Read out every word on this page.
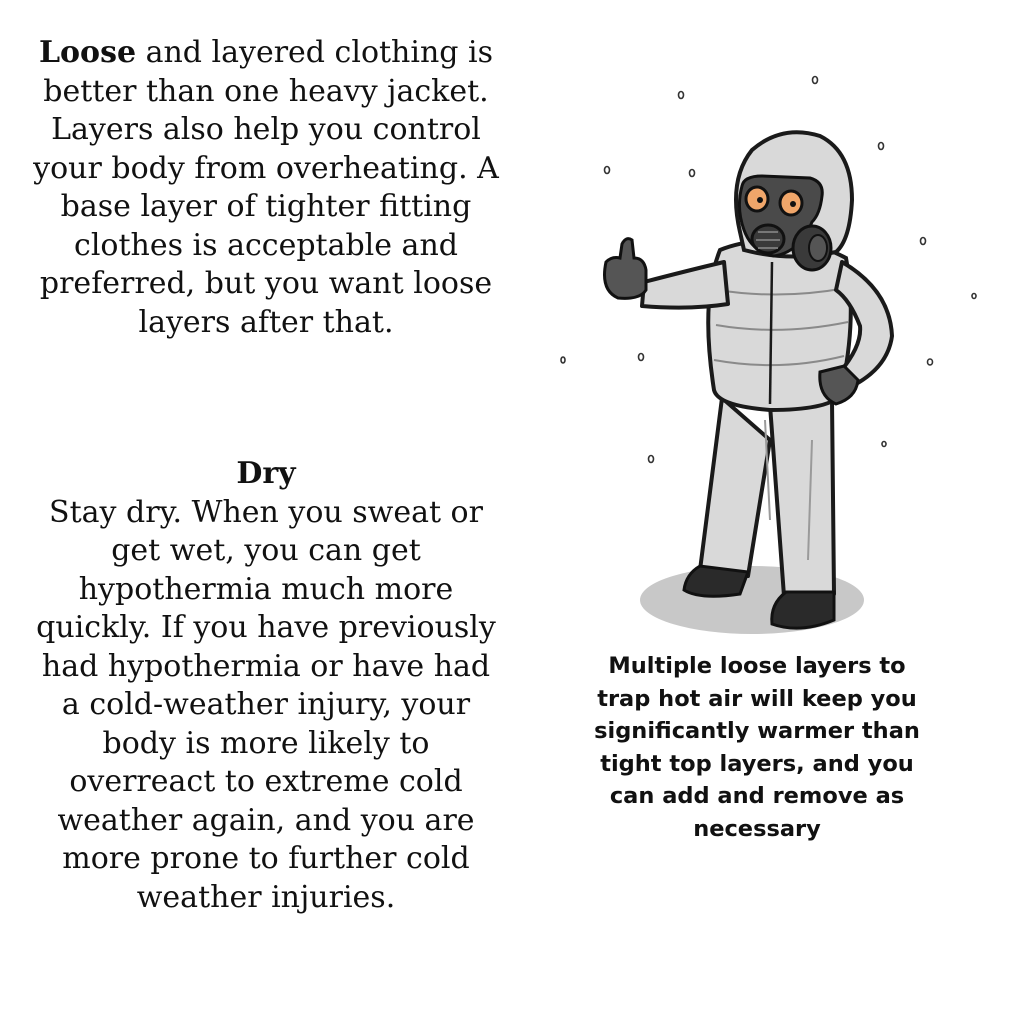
Loose and layered clothing is better than one heavy jacket. Layers also help you control your body from overheating. A base layer of tighter fitting clothes is acceptable and preferred, but you want loose layers after that.
Dry
Stay dry. When you sweat or get wet, you can get hypothermia much more quickly. If you have previously had hypothermia or have had a cold-weather injury, your body is more likely to overreact to extreme cold weather again, and you are more prone to further cold weather injuries.
Multiple loose layers to trap hot air will keep you significantly warmer than tight top layers, and you can add and remove as necessary
